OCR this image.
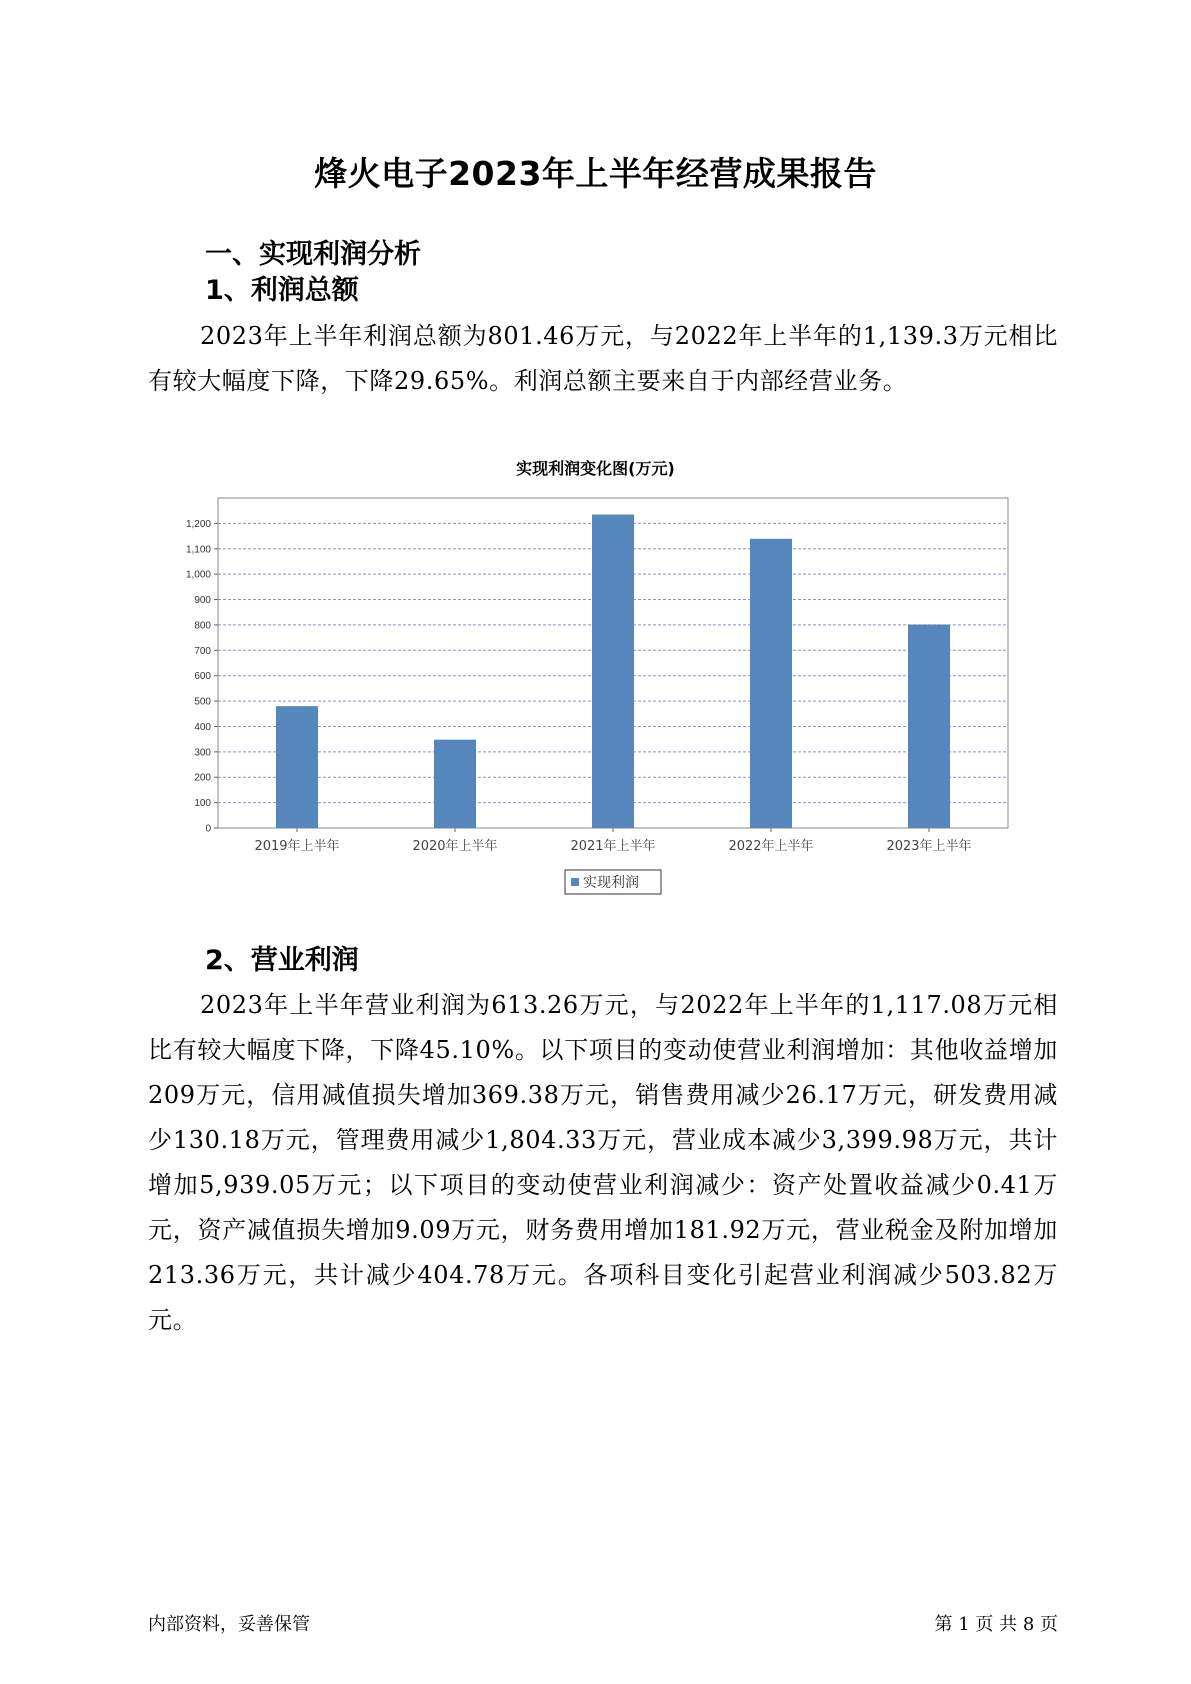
烽火电子2023年上半年经营成果报告
一、实现利润分析
1、利润总额
2023年上半年利润总额为801.46万元，与2022年上半年的1,139.3万元相比有较大幅度下降，下降29.65%。利润总额主要来自于内部经营业务。
实现利润变化图(万元)
0
100
200
300
400
500
600
700
800
900
1,000
1,100
1,200
2019年上半年	2020年上半年	2021年上半年	2022年上半年	2023年上半年
实现利润
2、营业利润
2023年上半年营业利润为613.26万元，与2022年上半年的1,117.08万元相比有较大幅度下降，下降45.10%。以下项目的变动使营业利润增加：其他收益增加209万元，信用减值损失增加369.38万元，销售费用减少26.17万元，研发费用减少130.18万元，管理费用减少1,804.33万元，营业成本减少3,399.98万元，共计增加5,939.05万元；以下项目的变动使营业利润减少：资产处置收益减少0.41万元，资产减值损失增加9.09万元，财务费用增加181.92万元，营业税金及附加增加213.36万元，共计减少404.78万元。各项科目变化引起营业利润减少503.82万元。
内部资料，妥善保管	第 1 页 共 8 页
